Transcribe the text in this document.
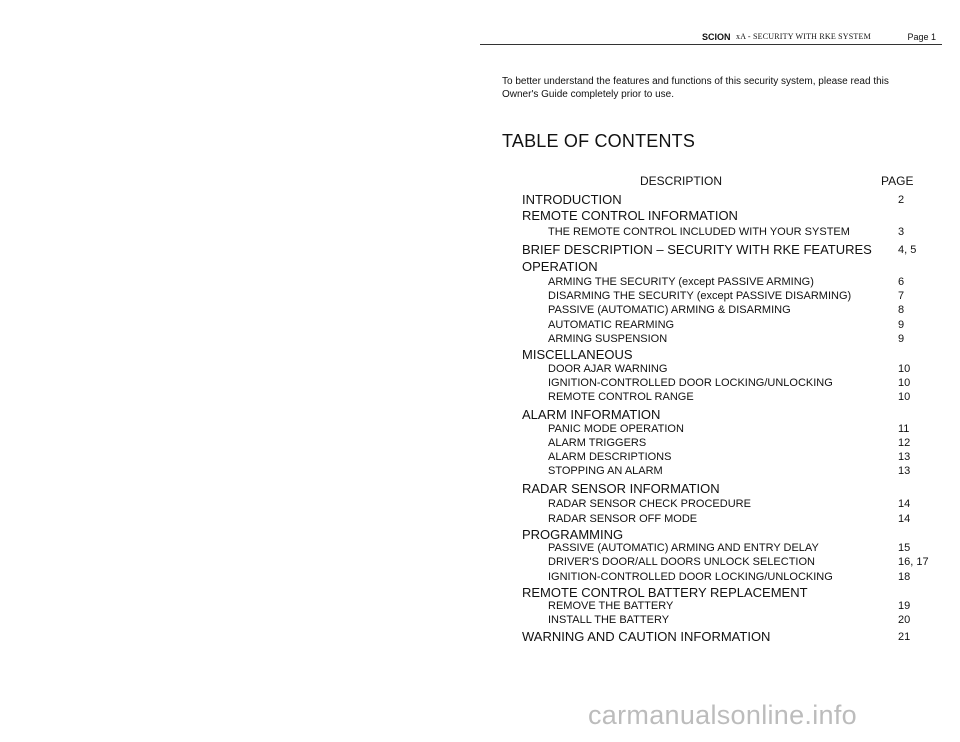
SCION xA - SECURITY WITH RKE SYSTEM	Page 1
To better understand the features and functions of this security system, please read this Owner's Guide completely prior to use.
TABLE OF CONTENTS
DESCRIPTION	PAGE
INTRODUCTION	2
REMOTE CONTROL INFORMATION
THE REMOTE CONTROL INCLUDED WITH YOUR SYSTEM	3
BRIEF DESCRIPTION – SECURITY WITH RKE FEATURES 4, 5
OPERATION
ARMING THE SECURITY (except PASSIVE ARMING)	6
DISARMING THE SECURITY (except PASSIVE DISARMING)	7
PASSIVE (AUTOMATIC) ARMING & DISARMING	8
AUTOMATIC REARMING	9
ARMING SUSPENSION	9
MISCELLANEOUS
DOOR AJAR WARNING	10
IGNITION-CONTROLLED DOOR LOCKING/UNLOCKING	10
REMOTE CONTROL RANGE	10
ALARM INFORMATION
PANIC MODE OPERATION	11
ALARM TRIGGERS	12
ALARM DESCRIPTIONS	13
STOPPING AN ALARM	13
RADAR SENSOR INFORMATION
RADAR SENSOR CHECK PROCEDURE	14
RADAR SENSOR OFF MODE	14
PROGRAMMING
PASSIVE (AUTOMATIC) ARMING AND ENTRY DELAY	15
DRIVER'S DOOR/ALL DOORS UNLOCK SELECTION	16, 17
IGNITION-CONTROLLED DOOR LOCKING/UNLOCKING	18
REMOTE CONTROL BATTERY REPLACEMENT
REMOVE THE BATTERY	19
INSTALL THE BATTERY	20
WARNING AND CAUTION INFORMATION	21
carmanualsonline.info
